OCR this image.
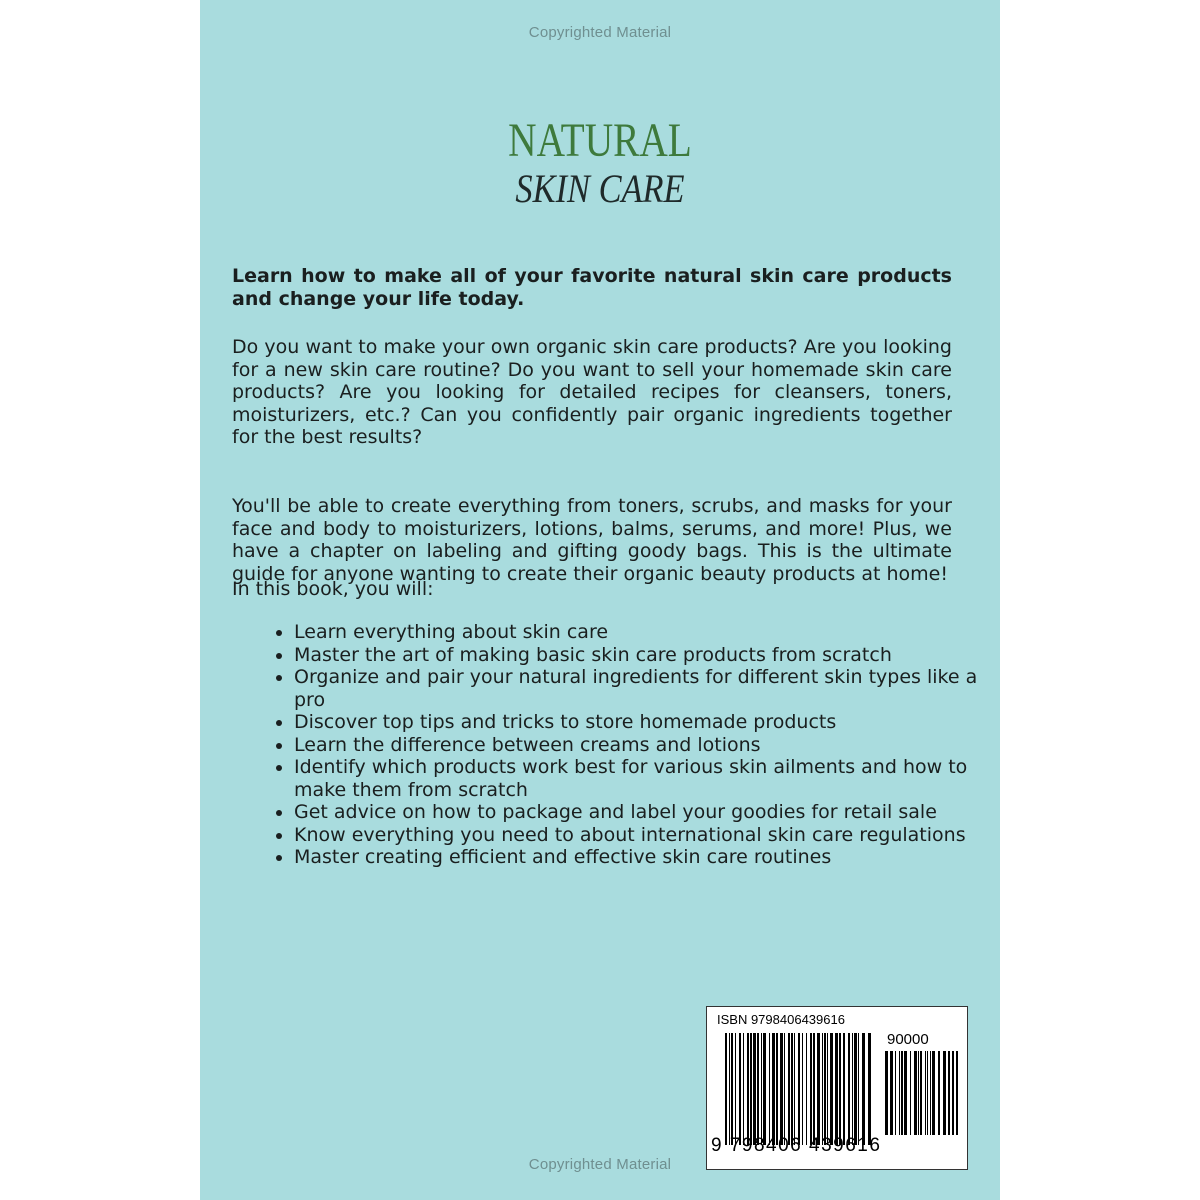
Copyrighted Material
NATURAL
SKIN CARE
Learn how to make all of your favorite natural skin care products and change your life today.
Do you want to make your own organic skin care products? Are you looking for a new skin care routine? Do you want to sell your homemade skin care products? Are you looking for detailed recipes for cleansers, toners, moisturizers, etc.? Can you confidently pair organic ingredients together for the best results?
You'll be able to create everything from toners, scrubs, and masks for your face and body to moisturizers, lotions, balms, serums, and more! Plus, we have a chapter on labeling and gifting goody bags. This is the ultimate guide for anyone wanting to create their organic beauty products at home!
In this book, you will:
• Learn everything about skin care
• Master the art of making basic skin care products from scratch
• Organize and pair your natural ingredients for different skin types like a pro
• Discover top tips and tricks to store homemade products
• Learn the difference between creams and lotions
• Identify which products work best for various skin ailments and how to make them from scratch
• Get advice on how to package and label your goodies for retail sale
• Know everything you need to about international skin care regulations
• Master creating efficient and effective skin care routines
ISBN 9798406439616
90000
9 798406 439616
Copyrighted Material
